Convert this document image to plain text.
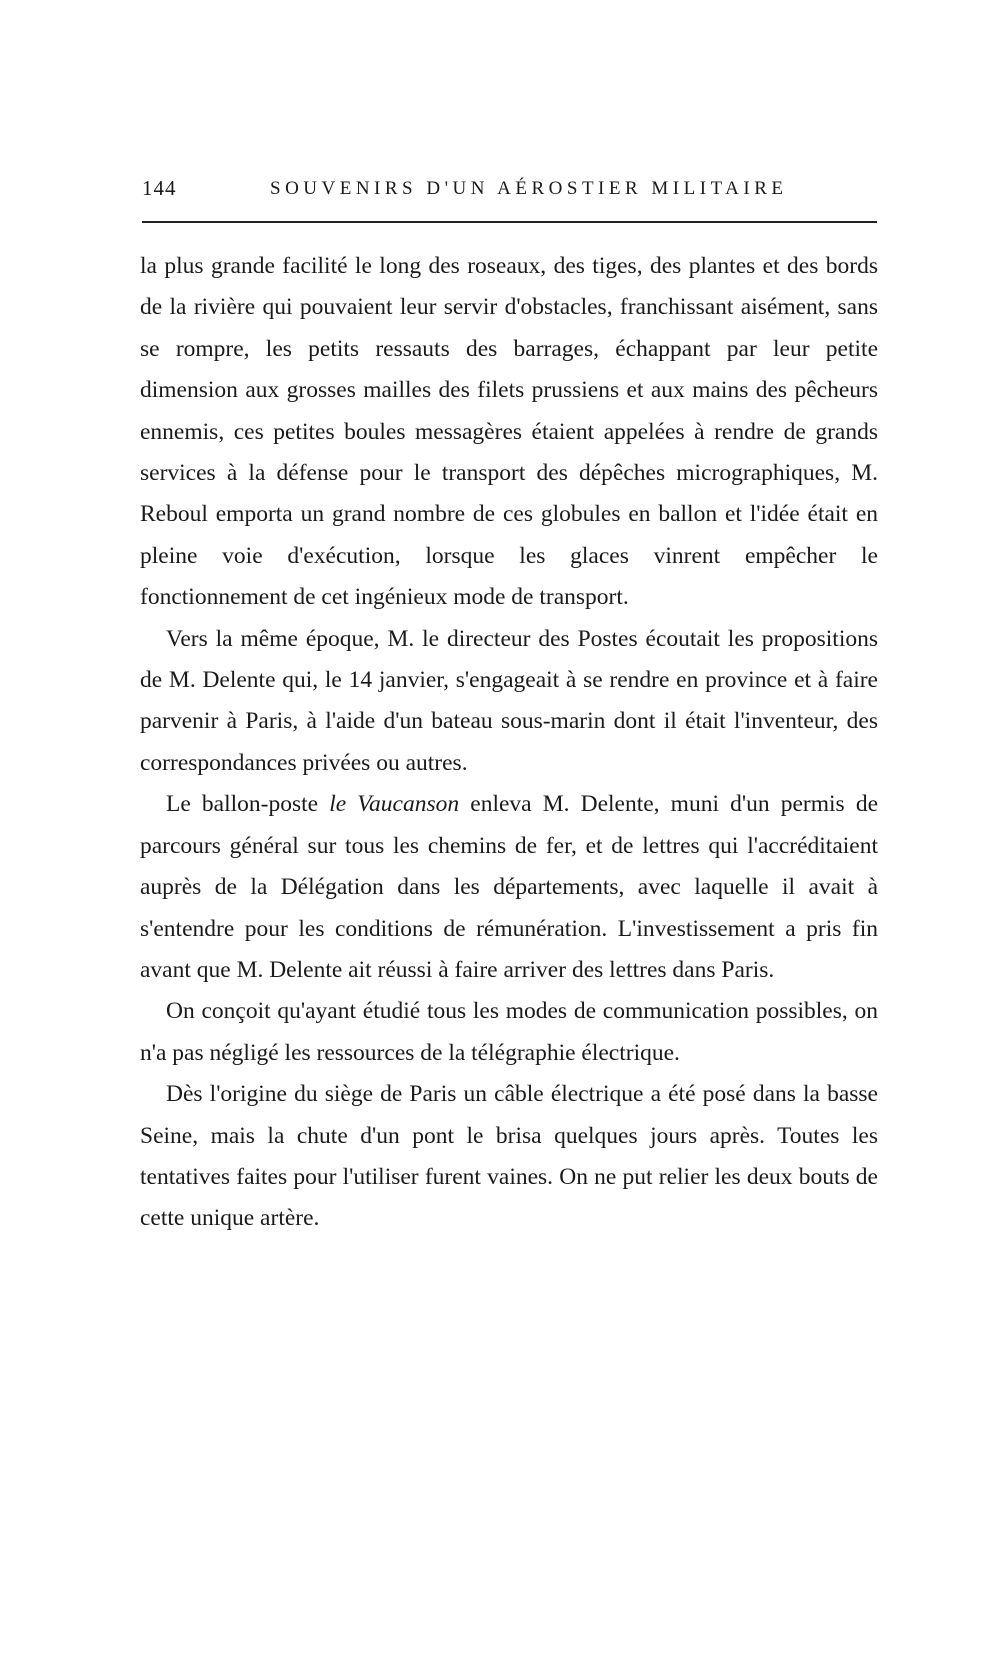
144	SOUVENIRS D'UN AÉROSTIER MILITAIRE

la plus grande facilité le long des roseaux, des tiges, des plantes et des bords de la rivière qui pouvaient leur servir d'obstacles, franchissant aisément, sans se rompre, les petits ressauts des barrages, échappant par leur petite dimension aux grosses mailles des filets prussiens et aux mains des pêcheurs ennemis, ces petites boules messagères étaient appelées à rendre de grands services à la défense pour le transport des dépêches micrographiques, M. Reboul emporta un grand nombre de ces globules en ballon et l'idée était en pleine voie d'exécution, lorsque les glaces vinrent empêcher le fonctionnement de cet ingénieux mode de transport.

Vers la même époque, M. le directeur des Postes écoutait les propositions de M. Delente qui, le 14 janvier, s'engageait à se rendre en province et à faire parvenir à Paris, à l'aide d'un bateau sous-marin dont il était l'inventeur, des correspondances privées ou autres.

Le ballon-poste le Vaucanson enleva M. Delente, muni d'un permis de parcours général sur tous les chemins de fer, et de lettres qui l'accréditaient auprès de la Délégation dans les départements, avec laquelle il avait à s'entendre pour les conditions de rémunération. L'investissement a pris fin avant que M. Delente ait réussi à faire arriver des lettres dans Paris.

On conçoit qu'ayant étudié tous les modes de communication possibles, on n'a pas négligé les ressources de la télégraphie électrique.

Dès l'origine du siège de Paris un câble électrique a été posé dans la basse Seine, mais la chute d'un pont le brisa quelques jours après. Toutes les tentatives faites pour l'utiliser furent vaines. On ne put relier les deux bouts de cette unique artère.
